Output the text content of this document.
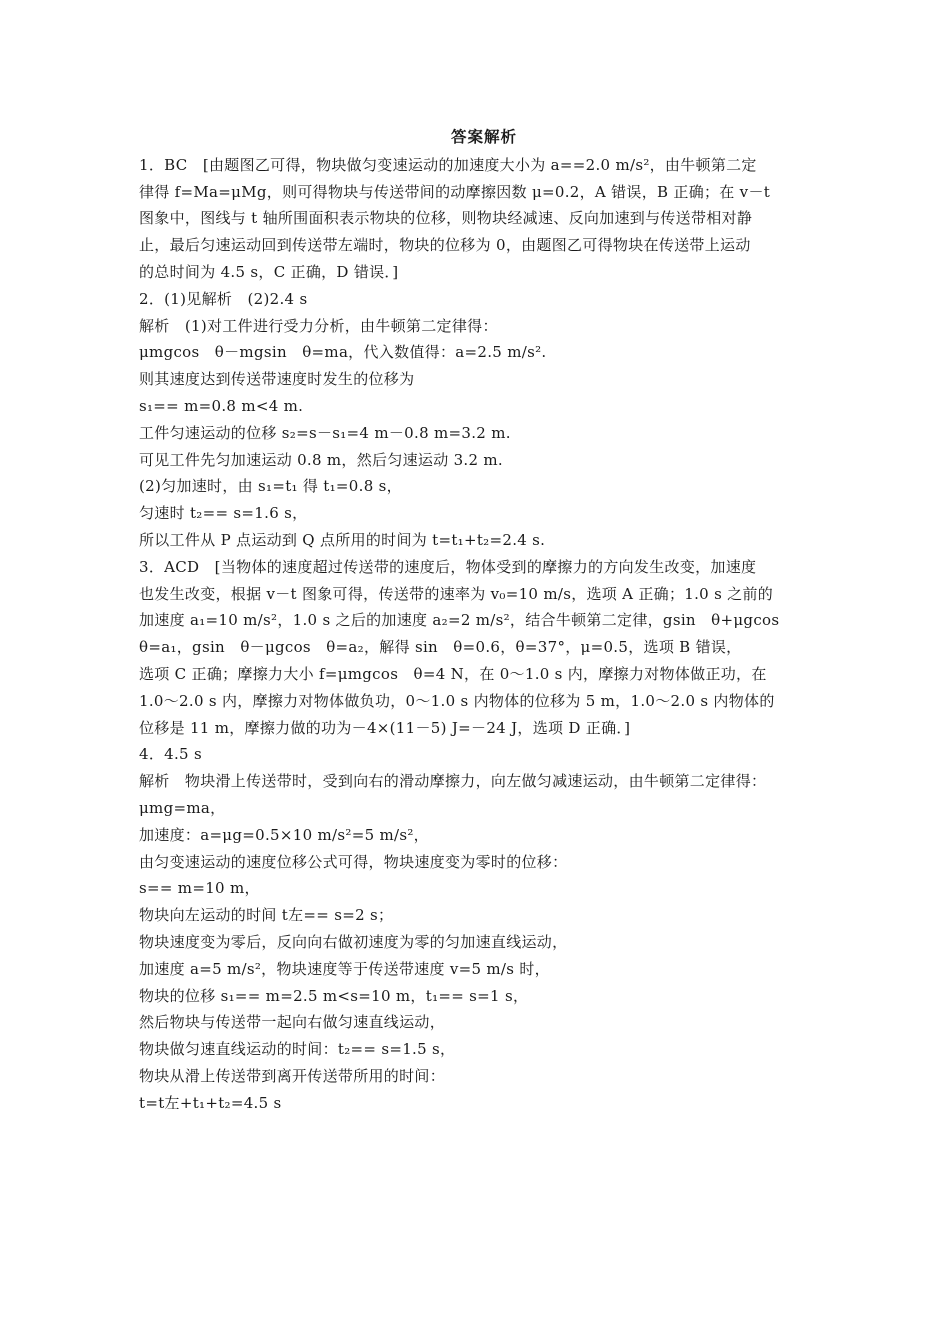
答案解析
1．BC　[由题图乙可得，物块做匀变速运动的加速度大小为 a==2.0 m/s²，由牛顿第二定
律得 f=Ma=μMg，则可得物块与传送带间的动摩擦因数 μ=0.2，A 错误，B 正确；在 v－t
图象中，图线与 t 轴所围面积表示物块的位移，则物块经减速、反向加速到与传送带相对静
止，最后匀速运动回到传送带左端时，物块的位移为 0，由题图乙可得物块在传送带上运动
的总时间为 4.5 s，C 正确，D 错误．]
2．(1)见解析　(2)2.4 s
解析　(1)对工件进行受力分析，由牛顿第二定律得：
μmgcos　θ－mgsin　θ=ma，代入数值得：a=2.5 m/s².
则其速度达到传送带速度时发生的位移为
s₁== m=0.8 m<4 m.
工件匀速运动的位移 s₂=s－s₁=4 m－0.8 m=3.2 m.
可见工件先匀加速运动 0.8 m，然后匀速运动 3.2 m.
(2)匀加速时，由 s₁=t₁ 得 t₁=0.8 s，
匀速时 t₂== s=1.6 s，
所以工件从 P 点运动到 Q 点所用的时间为 t=t₁+t₂=2.4 s.
3．ACD　[当物体的速度超过传送带的速度后，物体受到的摩擦力的方向发生改变，加速度
也发生改变，根据 v－t 图象可得，传送带的速率为 v₀=10 m/s，选项 A 正确；1.0 s 之前的
加速度 a₁=10 m/s²，1.0 s 之后的加速度 a₂=2 m/s²，结合牛顿第二定律，gsin　θ+μgcos
θ=a₁，gsin　θ－μgcos　θ=a₂，解得 sin　θ=0.6，θ=37°，μ=0.5，选项 B 错误，
选项 C 正确；摩擦力大小 f=μmgcos　θ=4 N，在 0～1.0 s 内，摩擦力对物体做正功，在
1.0～2.0 s 内，摩擦力对物体做负功，0～1.0 s 内物体的位移为 5 m，1.0～2.0 s 内物体的
位移是 11 m，摩擦力做的功为－4×(11－5) J=－24 J，选项 D 正确．]
4．4.5 s
解析　物块滑上传送带时，受到向右的滑动摩擦力，向左做匀减速运动，由牛顿第二定律得：
μmg=ma，
加速度：a=μg=0.5×10 m/s²=5 m/s²，
由匀变速运动的速度位移公式可得，物块速度变为零时的位移：
s== m=10 m，
物块向左运动的时间 t左== s=2 s；
物块速度变为零后，反向向右做初速度为零的匀加速直线运动，
加速度 a=5 m/s²，物块速度等于传送带速度 v=5 m/s 时，
物块的位移 s₁== m=2.5 m<s=10 m，t₁== s=1 s，
然后物块与传送带一起向右做匀速直线运动，
物块做匀速直线运动的时间：t₂== s=1.5 s，
物块从滑上传送带到离开传送带所用的时间：
t=t左+t₁+t₂=4.5 s
